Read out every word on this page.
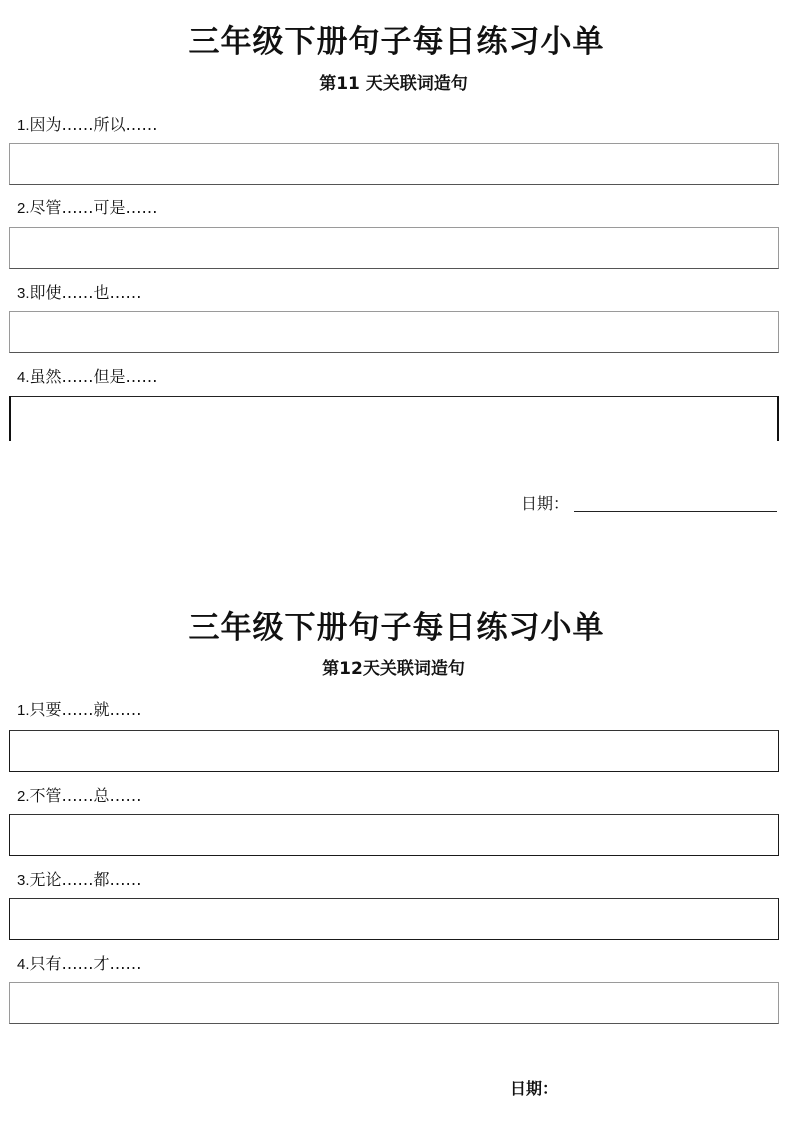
三年级下册句子每日练习小单
第11 天关联词造句
1.因为……所以……
2.尽管……可是……
3.即使……也……
4.虽然……但是……
日期：
三年级下册句子每日练习小单
第12天关联词造句
1.只要……就……
2.不管……总……
3.无论……都……
4.只有……才……
日期：
